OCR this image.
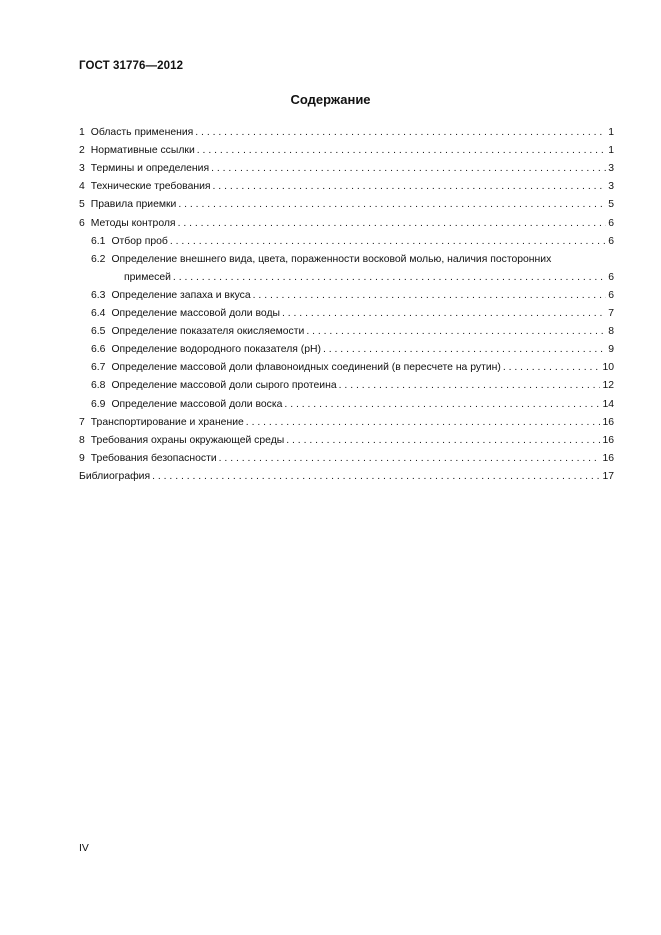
ГОСТ 31776—2012
Содержание
1 Область применения . . .	1
2 Нормативные ссылки . . .	1
3 Термины и определения . . .	3
4 Технические требования . . .	3
5 Правила приемки . . .	5
6 Методы контроля . . .	6
6.1 Отбор проб . . .	6
6.2 Определение внешнего вида, цвета, пораженности восковой молью, наличия посторонних
примесей . . .	6
6.3 Определение запаха и вкуса . . .	6
6.4 Определение массовой доли воды . . .	7
6.5 Определение показателя окисляемости . . .	8
6.6 Определение водородного показателя (рН) . . .	9
6.7 Определение массовой доли флавоноидных соединений (в пересчете на рутин) . . .	10
6.8 Определение массовой доли сырого протеина . . .	12
6.9 Определение массовой доли воска . . .	14
7 Транспортирование и хранение . . .	16
8 Требования охраны окружающей среды . . .	16
9 Требования безопасности . . .	16
Библиография . . .	17
IV
